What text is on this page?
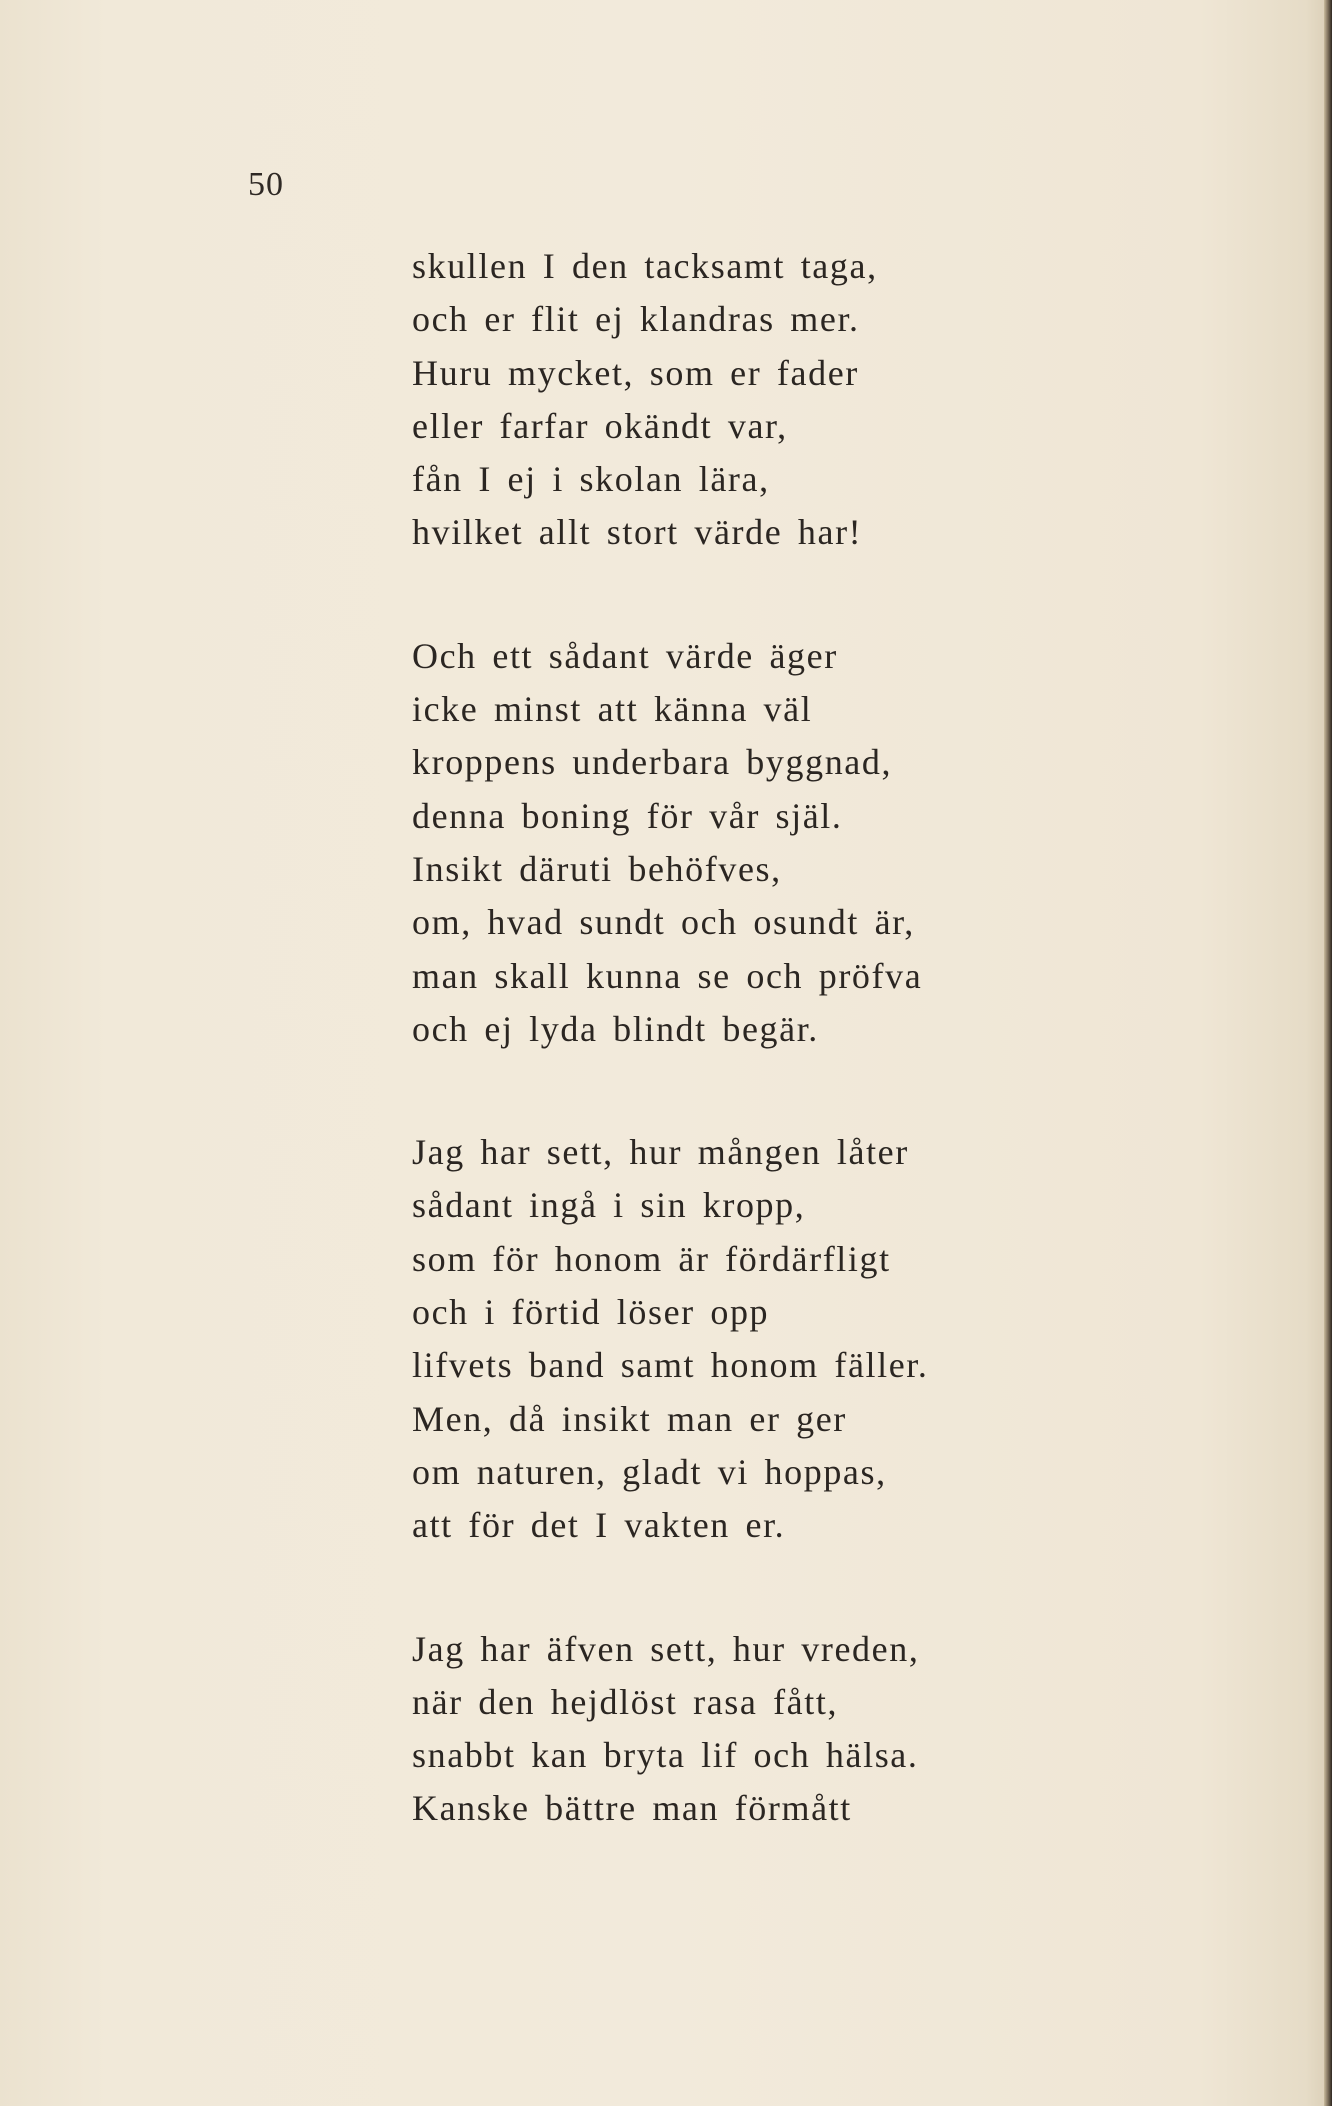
50
skullen I den tacksamt taga,
och er flit ej klandras mer.
Huru mycket, som er fader
eller farfar okändt var,
fån I ej i skolan lära,
hvilket allt stort värde har!
Och ett sådant värde äger
icke minst att känna väl
kroppens underbara byggnad,
denna boning för vår själ.
Insikt däruti behöfves,
om, hvad sundt och osundt är,
man skall kunna se och pröfva
och ej lyda blindt begär.
Jag har sett, hur mången låter
sådant ingå i sin kropp,
som för honom är fördärfligt
och i förtid löser opp
lifvets band samt honom fäller.
Men, då insikt man er ger
om naturen, gladt vi hoppas,
att för det I vakten er.
Jag har äfven sett, hur vreden,
när den hejdlöst rasa fått,
snabbt kan bryta lif och hälsa.
Kanske bättre man förmått
